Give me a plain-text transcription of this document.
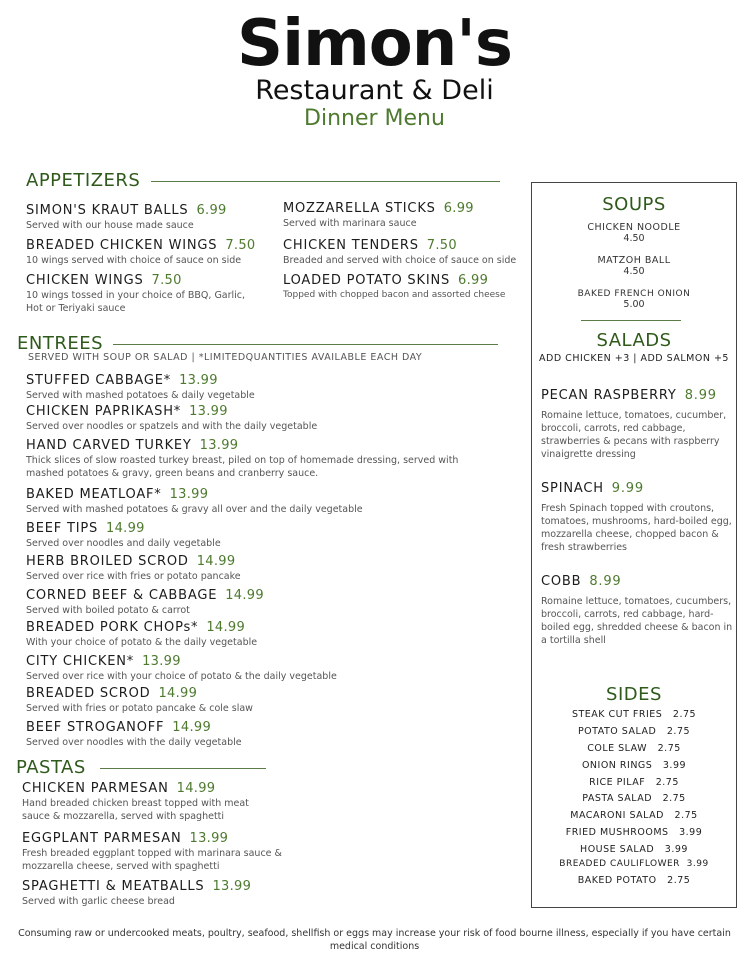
Simon's
Restaurant & Deli
Dinner Menu
APPETIZERS
SIMON'S KRAUT BALLS 6.99
Served with our house made sauce
BREADED CHICKEN WINGS 7.50
10 wings served with choice of sauce on side
CHICKEN WINGS 7.50
10 wings tossed in your choice of BBQ, Garlic, Hot or Teriyaki sauce
MOZZARELLA STICKS 6.99
Served with marinara sauce
CHICKEN TENDERS 7.50
Breaded and served with choice of sauce on side
LOADED POTATO SKINS 6.99
Topped with chopped bacon and assorted cheese
ENTREES
SERVED WITH SOUP OR SALAD | *LIMITEDQUANTITIES AVAILABLE EACH DAY
STUFFED CABBAGE* 13.99
Served with mashed potatoes & daily vegetable
CHICKEN PAPRIKASH* 13.99
Served over noodles or spatzels and with the daily vegetable
HAND CARVED TURKEY 13.99
Thick slices of slow roasted turkey breast, piled on top of homemade dressing, served with mashed potatoes & gravy, green beans and cranberry sauce.
BAKED MEATLOAF* 13.99
Served with mashed potatoes & gravy all over and the daily vegetable
BEEF TIPS 14.99
Served over noodles and daily vegetable
HERB BROILED SCROD 14.99
Served over rice with fries or potato pancake
CORNED BEEF & CABBAGE 14.99
Served with boiled potato & carrot
BREADED PORK CHOPs* 14.99
With your choice of potato & the daily vegetable
CITY CHICKEN* 13.99
Served over rice with your choice of potato & the daily vegetable
BREADED SCROD 14.99
Served with fries or potato pancake & cole slaw
BEEF STROGANOFF 14.99
Served over noodles with the daily vegetable
PASTAS
CHICKEN PARMESAN 14.99
Hand breaded chicken breast topped with meat sauce & mozzarella, served with spaghetti
EGGPLANT PARMESAN 13.99
Fresh breaded eggplant topped with marinara sauce & mozzarella cheese, served with spaghetti
SPAGHETTI & MEATBALLS 13.99
Served with garlic cheese bread
SOUPS
CHICKEN NOODLE
4.50
MATZOH BALL
4.50
BAKED FRENCH ONION
5.00
SALADS
ADD CHICKEN +3 | ADD SALMON +5
PECAN RASPBERRY 8.99
Romaine lettuce, tomatoes, cucumber, broccoli, carrots, red cabbage, strawberries & pecans with raspberry vinaigrette dressing
SPINACH 9.99
Fresh Spinach topped with croutons, tomatoes, mushrooms, hard-boiled egg, mozzarella cheese, chopped bacon & fresh strawberries
COBB 8.99
Romaine lettuce, tomatoes, cucumbers, broccoli, carrots, red cabbage, hard-boiled egg, shredded cheese & bacon in a tortilla shell
SIDES
STEAK CUT FRIES 2.75
POTATO SALAD 2.75
COLE SLAW 2.75
ONION RINGS 3.99
RICE PILAF 2.75
PASTA SALAD 2.75
MACARONI SALAD 2.75
FRIED MUSHROOMS 3.99
HOUSE SALAD 3.99
BREADED CAULIFLOWER 3.99
BAKED POTATO 2.75
Consuming raw or undercooked meats, poultry, seafood, shellfish or eggs may increase your risk of food bourne illness, especially if you have certain medical conditions
